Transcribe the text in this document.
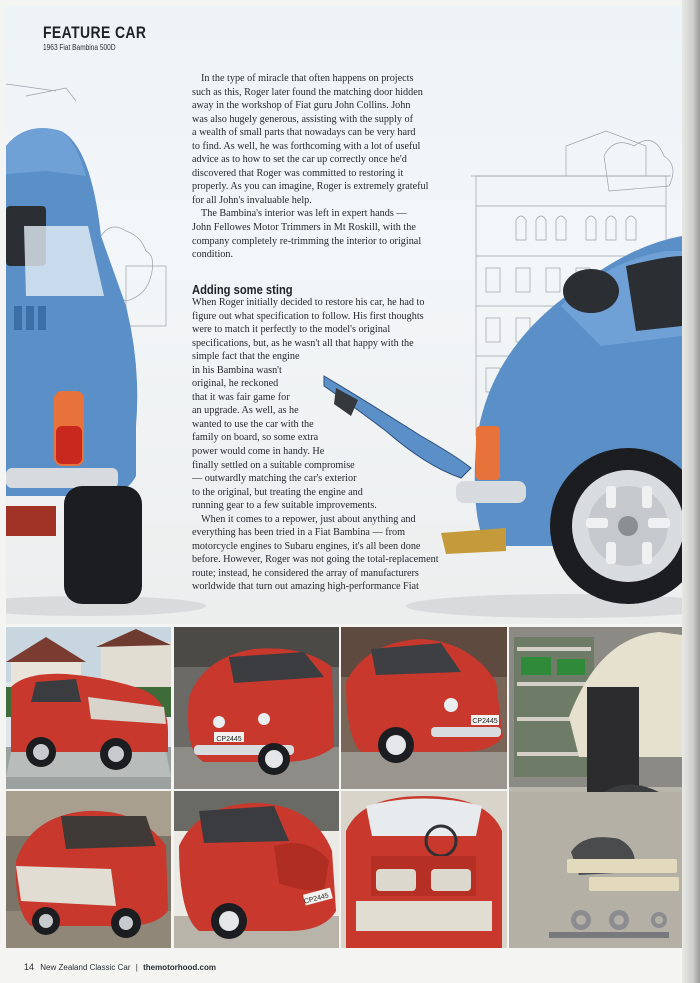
FEATURE CAR
1963 Fiat Bambina 500D
In the type of miracle that often happens on projects
such as this, Roger later found the matching door hidden
away in the workshop of Fiat guru John Collins. John
was also hugely generous, assisting with the supply of
a wealth of small parts that nowadays can be very hard
to find. As well, he was forthcoming with a lot of useful
advice as to how to set the car up correctly once he'd
discovered that Roger was committed to restoring it
properly. As you can imagine, Roger is extremely grateful
for all John's invaluable help.
The Bambina's interior was left in expert hands —
John Fellowes Motor Trimmers in Mt Roskill, with the
company completely re-trimming the interior to original
condition.
Adding some sting
When Roger initially decided to restore his car, he had to
figure out what specification to follow. His first thoughts
were to match it perfectly to the model's original
specifications, but, as he wasn't all that happy with the
simple fact that the engine
in his Bambina wasn't
original, he reckoned
that it was fair game for
an upgrade. As well, as he
wanted to use the car with the
family on board, so some extra
power would come in handy. He
finally settled on a suitable compromise
— outwardly matching the car's exterior
to the original, but treating the engine and
running gear to a few suitable improvements.
When it comes to a repower, just about anything and
everything has been tried in a Fiat Bambina — from
motorcycle engines to Subaru engines, it's all been done
before. However, Roger was not going the total-replacement
route; instead, he considered the array of manufacturers
worldwide that turn out amazing high-performance Fiat
CP2445
CP2445
CP2445
14 New Zealand Classic Car | themotorhood.com
